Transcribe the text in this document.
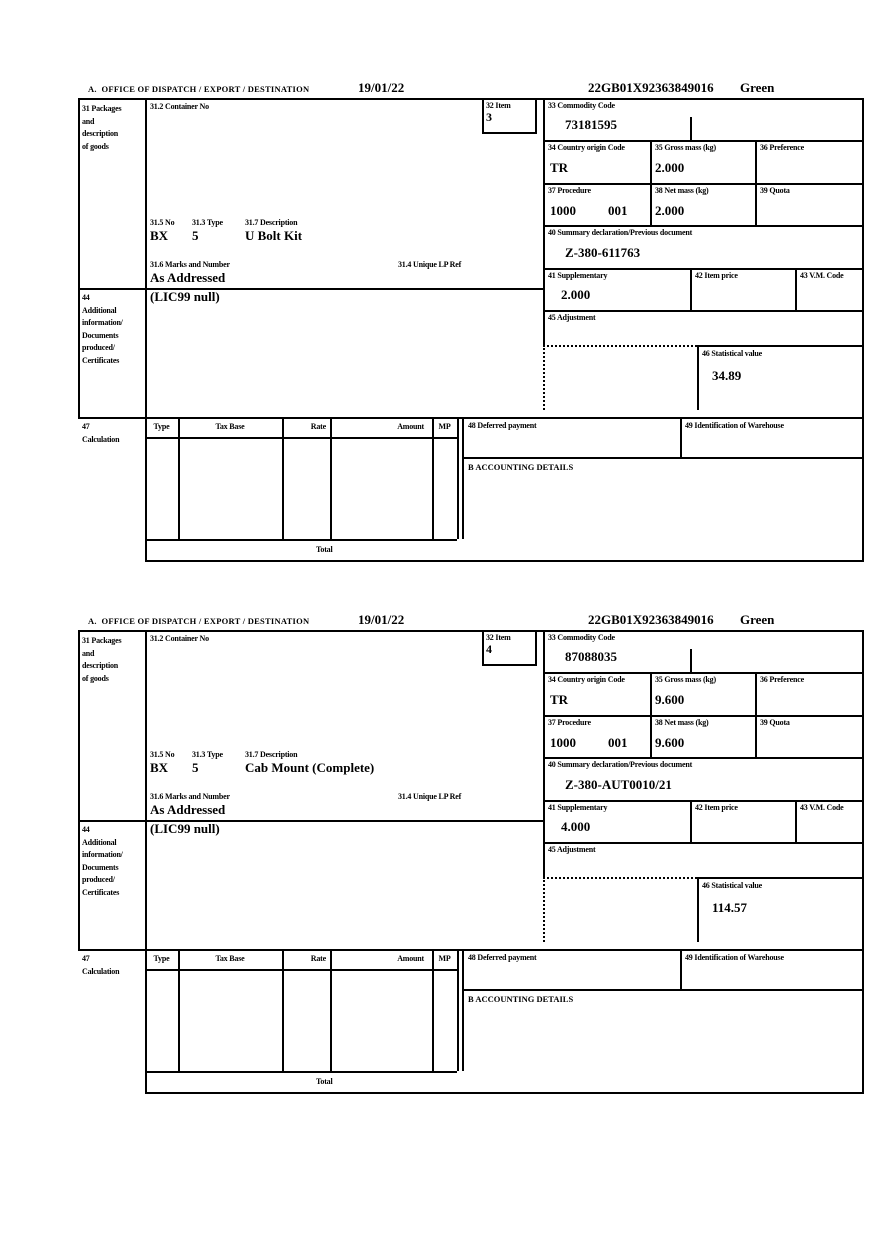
A.  OFFICE OF DISPATCH / EXPORT / DESTINATION	19/01/22	22GB01X92363849016 Green
31 Packages
and
description
of goods
31.2 Container No	32 Item
3
33 Commodity Code
73181595
34 Country origin Code
TR
35 Gross mass (kg)
2.000
36 Preference
37 Procedure
1000 001
38 Net mass (kg)
2.000
39 Quota
40 Summary declaration/Previous document
Z-380-611763
41 Supplementary
2.000
42 Item price	43 V.M. Code
45 Adjustment
46 Statistical value
34.89
31.5 No 31.3 Type	31.7 Description
BX 5	U Bolt Kit
31.6 Marks and Number	31.4 Unique LP Ref
As Addressed
44
Additional
information/
Documents
produced/
Certificates
(LIC99 null)
47
Calculation
Type	Tax Base	Rate	Amount	MP	48 Deferred payment	49 Identification of Warehouse
B ACCOUNTING DETAILS
Total
A.  OFFICE OF DISPATCH / EXPORT / DESTINATION	19/01/22	22GB01X92363849016 Green
31 Packages
and
description
of goods
31.2 Container No	32 Item
4
33 Commodity Code
87088035
34 Country origin Code
TR
35 Gross mass (kg)
9.600
36 Preference
37 Procedure
1000 001
38 Net mass (kg)
9.600
39 Quota
40 Summary declaration/Previous document
Z-380-AUT0010/21
41 Supplementary
4.000
42 Item price	43 V.M. Code
45 Adjustment
46 Statistical value
114.57
31.5 No 31.3 Type	31.7 Description
BX 5	Cab Mount (Complete)
31.6 Marks and Number	31.4 Unique LP Ref
As Addressed
44
Additional
information/
Documents
produced/
Certificates
(LIC99 null)
47
Calculation
Type	Tax Base	Rate	Amount	MP	48 Deferred payment	49 Identification of Warehouse
B ACCOUNTING DETAILS
Total
